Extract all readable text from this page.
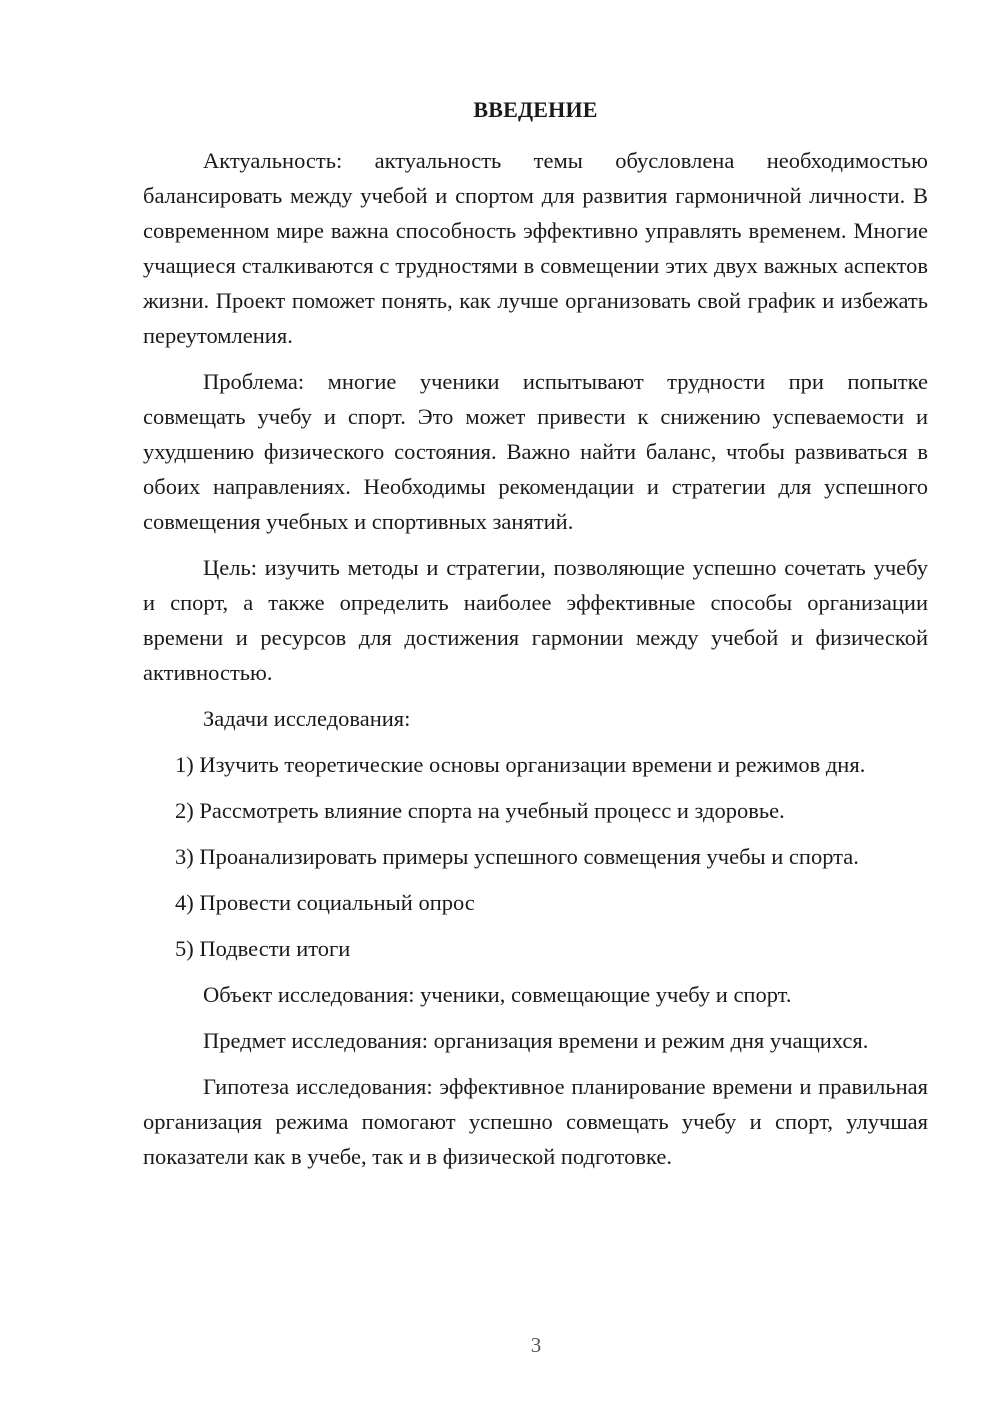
ВВЕДЕНИЕ

Актуальность: актуальность темы обусловлена необходимостью балансировать между учебой и спортом для развития гармоничной личности. В современном мире важна способность эффективно управлять временем. Многие учащиеся сталкиваются с трудностями в совмещении этих двух важных аспектов жизни. Проект поможет понять, как лучше организовать свой график и избежать переутомления.

Проблема: многие ученики испытывают трудности при попытке совмещать учебу и спорт. Это может привести к снижению успеваемости и ухудшению физического состояния. Важно найти баланс, чтобы развиваться в обоих направлениях. Необходимы рекомендации и стратегии для успешного совмещения учебных и спортивных занятий.

Цель: изучить методы и стратегии, позволяющие успешно сочетать учебу и спорт, а также определить наиболее эффективные способы организации времени и ресурсов для достижения гармонии между учебой и физической активностью.

Задачи исследования:

1) Изучить теоретические основы организации времени и режимов дня.

2) Рассмотреть влияние спорта на учебный процесс и здоровье.

3) Проанализировать примеры успешного совмещения учебы и спорта.

4) Провести социальный опрос

5) Подвести итоги

Объект исследования: ученики, совмещающие учебу и спорт.

Предмет исследования: организация времени и режим дня учащихся.

Гипотеза исследования: эффективное планирование времени и правильная организация режима помогают успешно совмещать учебу и спорт, улучшая показатели как в учебе, так и в физической подготовке.

3
